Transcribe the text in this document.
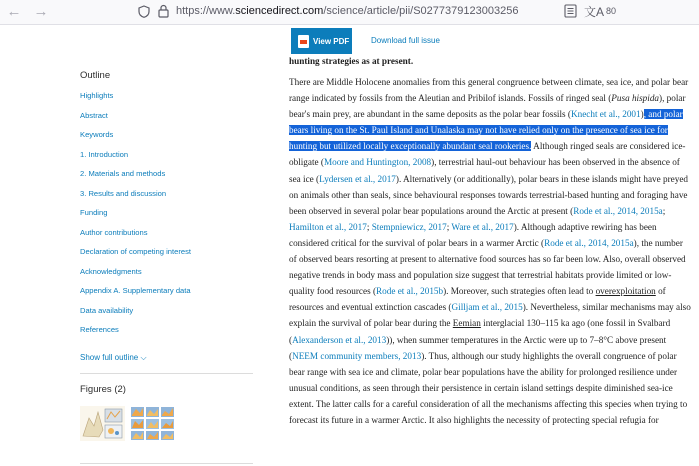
← →	https://www.sciencedirect.com/science/article/pii/S0277379123003256	文A 80
View PDF	Download full issue
Outline
Highlights
Abstract
Keywords
1. Introduction
2. Materials and methods
3. Results and discussion
Funding
Author contributions
Declaration of competing interest
Acknowledgments
Appendix A. Supplementary data
Data availability
References
Show full outline ⌵
Figures (2)
hunting strategies as at present.
There are Middle Holocene anomalies from this general congruence between climate, sea ice, and polar bear range indicated by fossils from the Aleutian and Pribilof islands. Fossils of ringed seal (Pusa hispida), polar bear's main prey, are abundant in the same deposits as the polar bear fossils (Knecht et al., 2001), and polar bears living on the St. Paul Island and Unalaska may not have relied only on the presence of sea ice for hunting but utilized locally exceptionally abundant seal rookeries. Although ringed seals are considered ice-obligate (Moore and Huntington, 2008), terrestrial haul-out behaviour has been observed in the absence of sea ice (Lydersen et al., 2017). Alternatively (or additionally), polar bears in these islands might have preyed on animals other than seals, since behavioural responses towards terrestrial-based hunting and foraging have been observed in several polar bear populations around the Arctic at present (Rode et al., 2014, 2015a; Hamilton et al., 2017; Stempniewicz, 2017; Ware et al., 2017). Although adaptive rewiring has been considered critical for the survival of polar bears in a warmer Arctic (Rode et al., 2014, 2015a), the number of observed bears resorting at present to alternative food sources has so far been low. Also, overall observed negative trends in body mass and population size suggest that terrestrial habitats provide limited or low-quality food resources (Rode et al., 2015b). Moreover, such strategies often lead to overexploitation of resources and eventual extinction cascades (Gilljam et al., 2015). Nevertheless, similar mechanisms may also explain the survival of polar bear during the Eemian interglacial 130–115 ka ago (one fossil in Svalbard (Alexanderson et al., 2013)), when summer temperatures in the Arctic were up to 7–8°C above present (NEEM community members, 2013). Thus, although our study highlights the overall congruence of polar bear range with sea ice and climate, polar bear populations have the ability for prolonged resilience under unusual conditions, as seen through their persistence in certain island settings despite diminished sea-ice extent. The latter calls for a careful consideration of all the mechanisms affecting this species when trying to forecast its future in a warmer Arctic. It also highlights the necessity of protecting special refugia for
